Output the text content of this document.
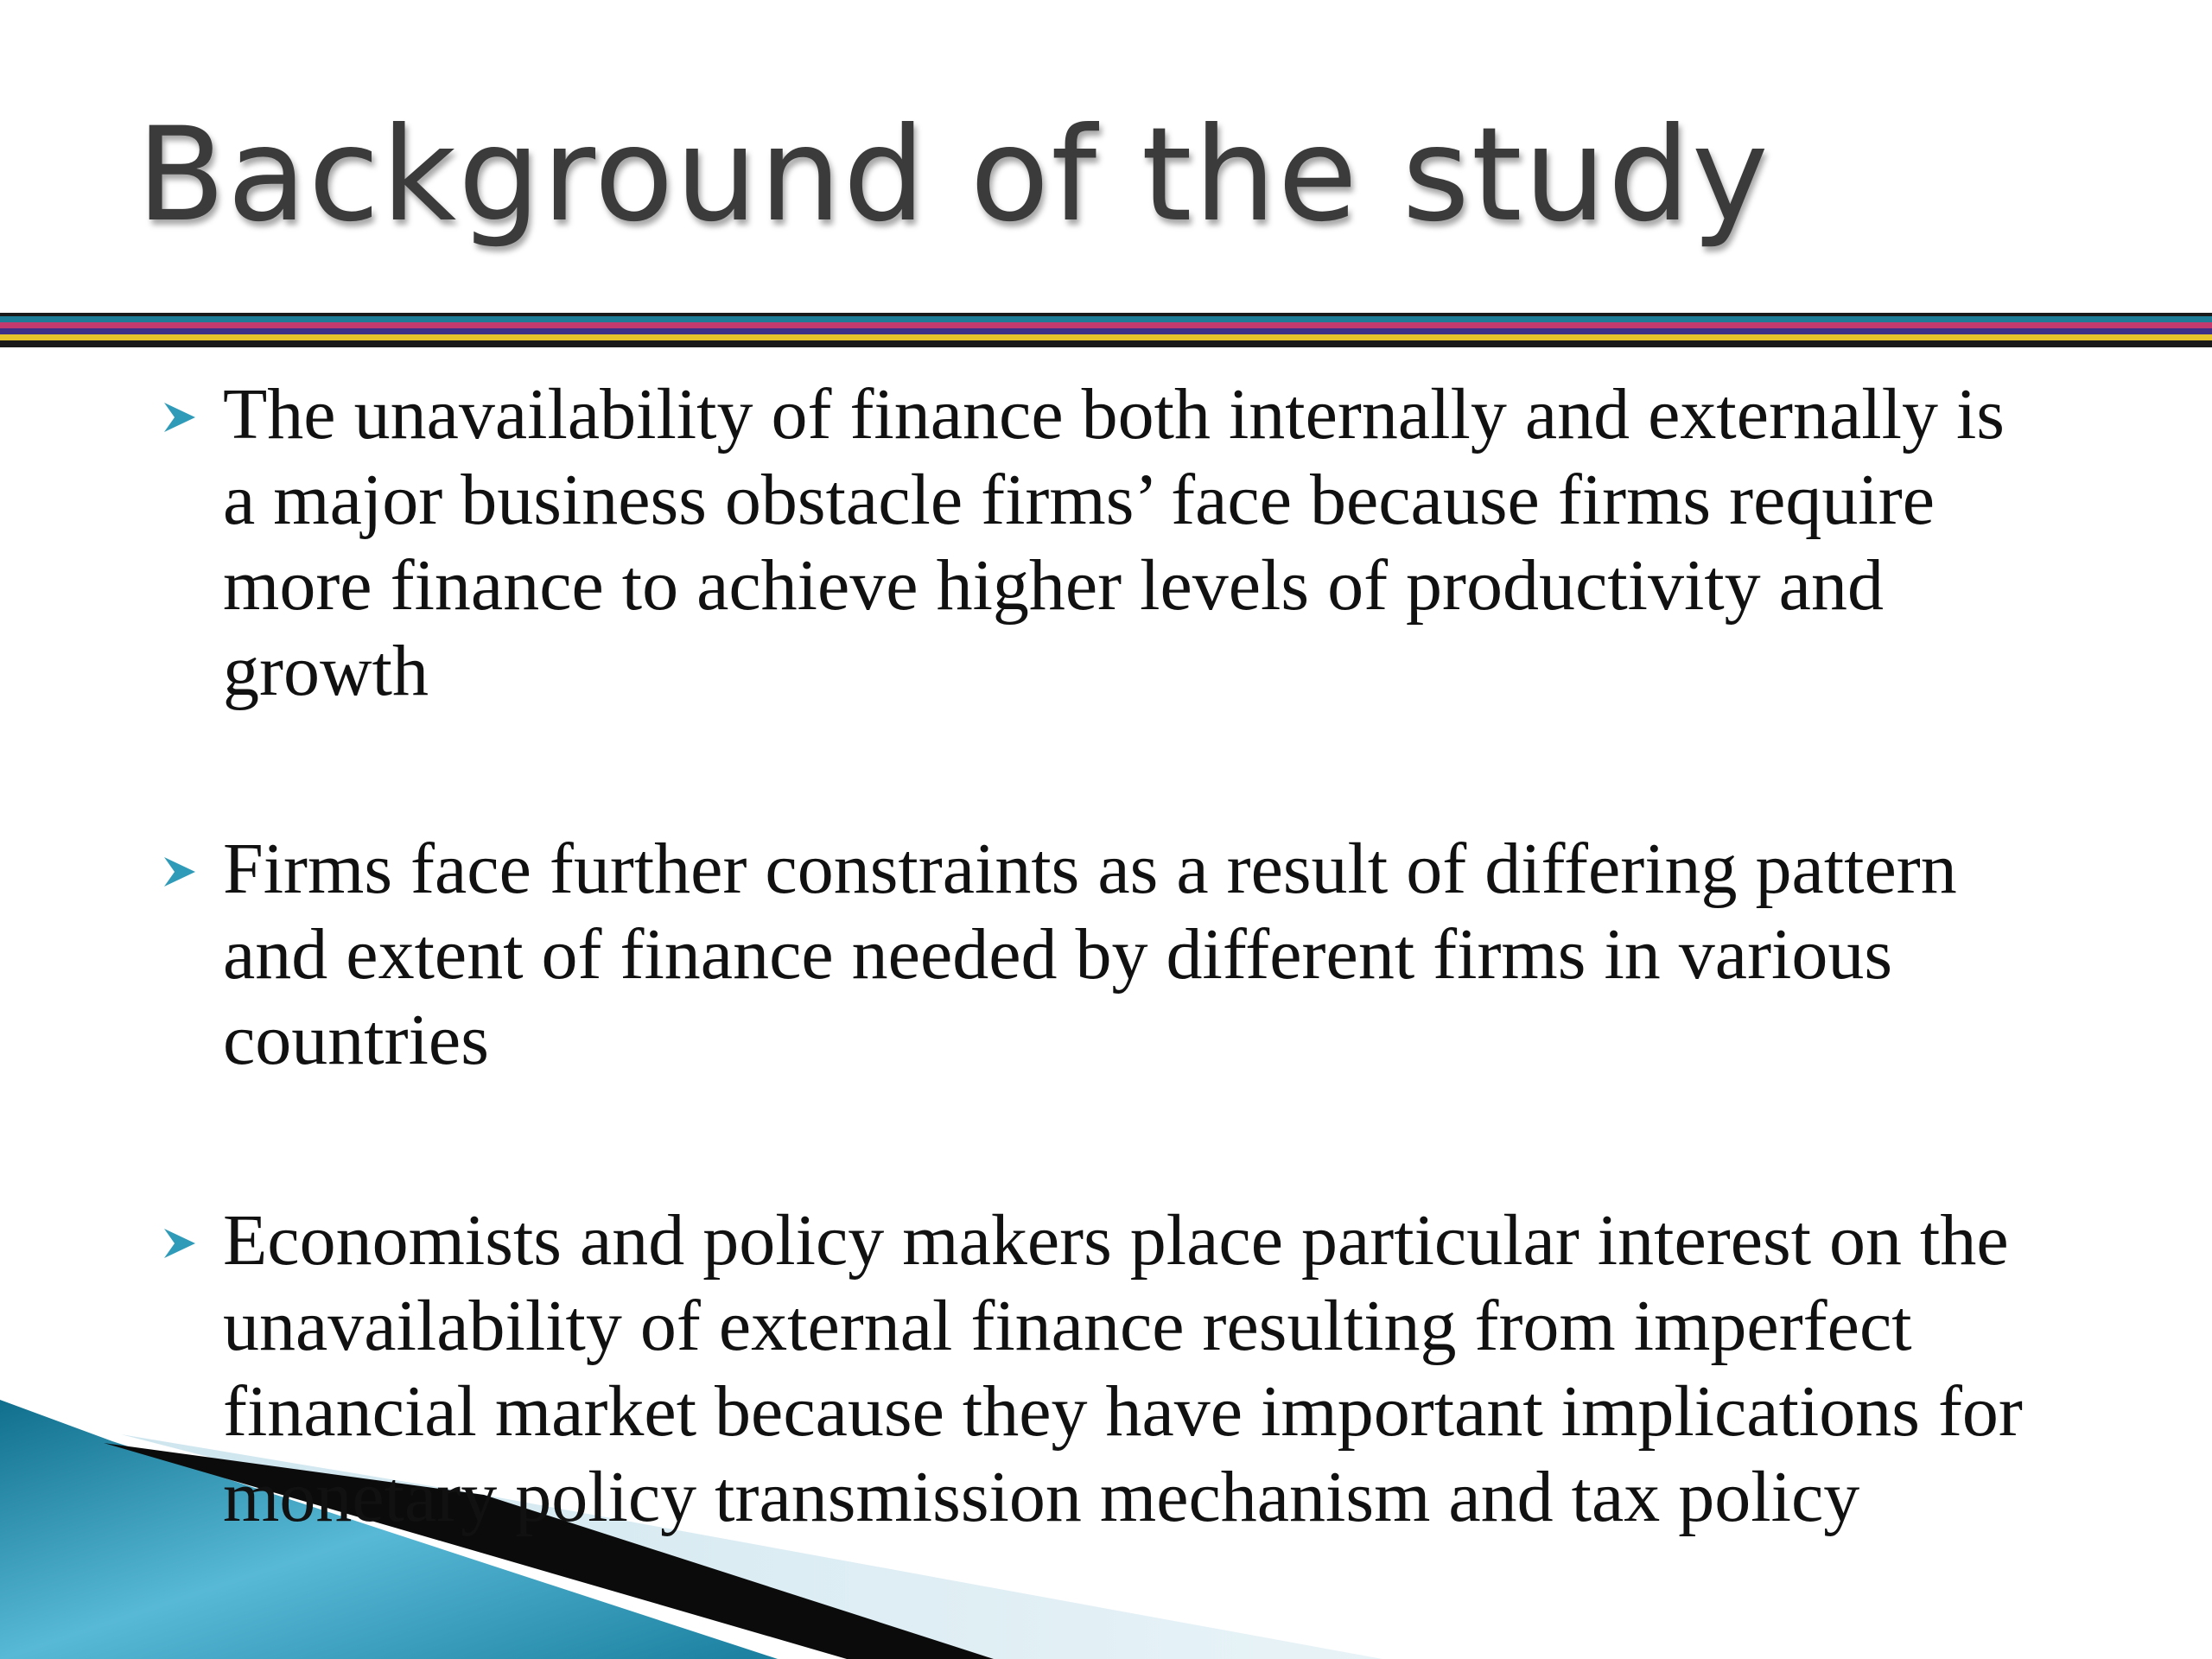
Background of the study
The unavailability of finance both internally and externally is a major business obstacle firms’ face because firms require more finance to achieve higher levels of productivity and growth
Firms face further constraints as a result of differing pattern and extent of finance needed by different firms in various countries
Economists and policy makers place particular interest on the unavailability of external finance resulting from imperfect financial market because they have important implications for monetary policy transmission mechanism and tax policy
